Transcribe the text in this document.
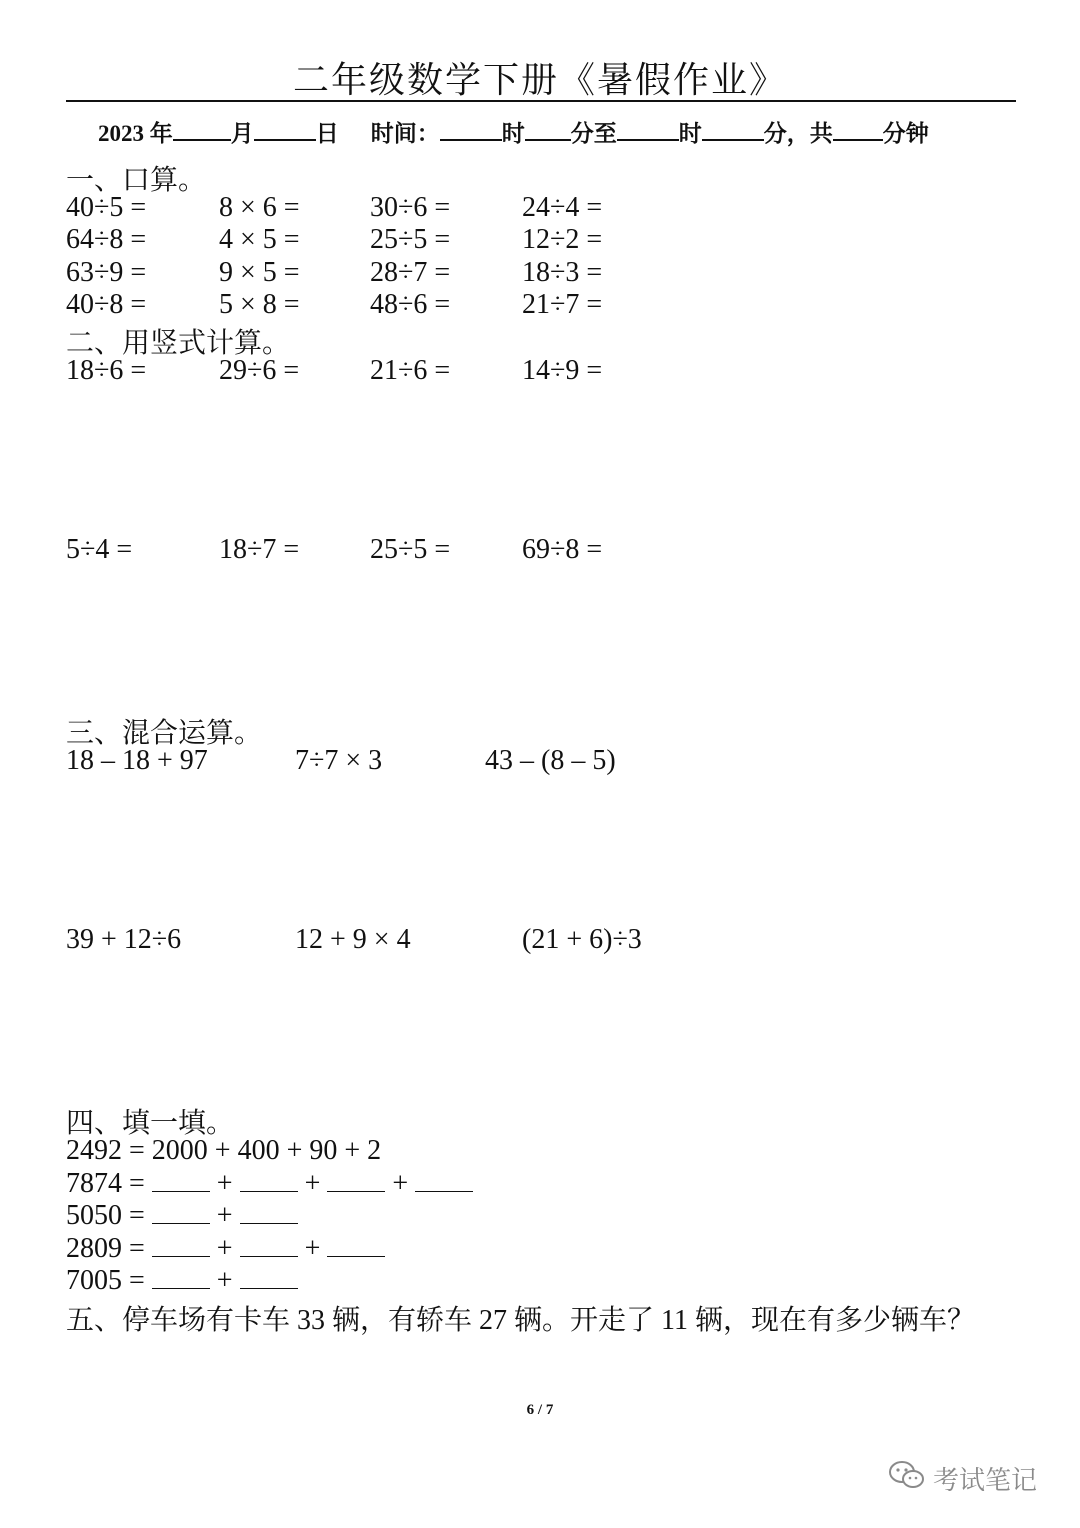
二年级数学下册《暑假作业》
2023 年	月	日 时间：	时 分至	时	分，共 分钟
一、口算。
40÷5 =	8 × 6 =	30÷6 =	24÷4 =
64÷8 =	4 × 5 =	25÷5 =	12÷2 =
63÷9 =	9 × 5 =	28÷7 =	18÷3 =
40÷8 =	5 × 8 =	48÷6 =	21÷7 =
二、用竖式计算。
18÷6 =	29÷6 =	21÷6 =	14÷9 =
5÷4 =	18÷7 =	25÷5 =	69÷8 =
三、混合运算。
18 – 18 + 97	7÷7 × 3	43 – (8 – 5)
39 + 12÷6	12 + 9 × 4	(21 + 6)÷3
四、填一填。
2492 = 2000 + 400 + 90 + 2
7874 =	+	+	+
5050 =	+
2809 =	+	+
7005 =	+
五、停车场有卡车 33 辆，有轿车 27 辆。开走了 11 辆，现在有多少辆车？
6 / 7
考试笔记
